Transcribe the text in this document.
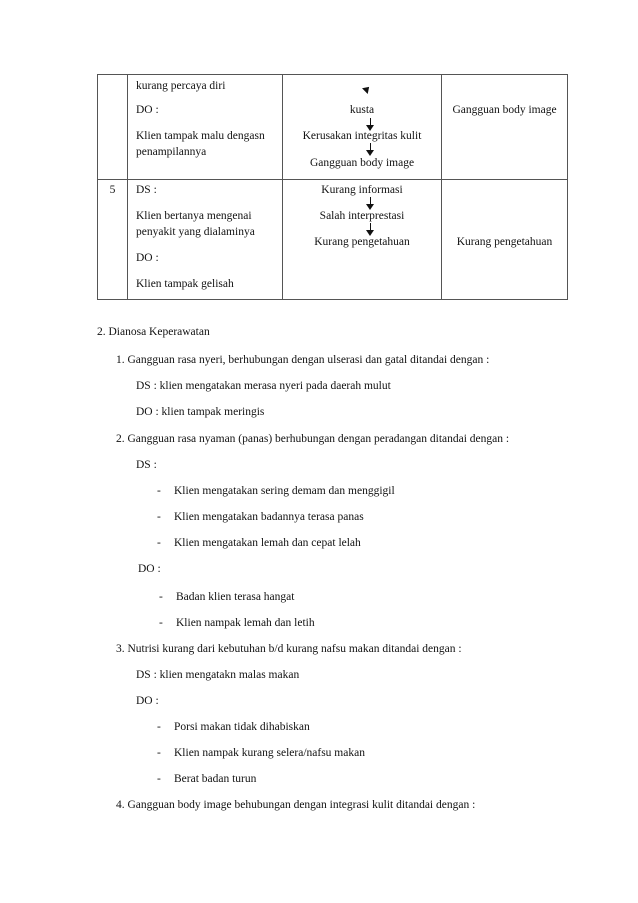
kurang percaya diri
DO :
Klien tampak malu dengasn
penampilannya
kusta
Kerusakan integritas kulit
Gangguan body image
Gangguan body image
5	DS :
Klien bertanya mengenai
penyakit yang dialaminya
DO :
Klien tampak gelisah
Kurang informasi
Salah interprestasi
Kurang pengetahuan	Kurang pengetahuan
2. Dianosa Keperawatan
1. Gangguan rasa nyeri, berhubungan dengan ulserasi dan gatal ditandai dengan :
DS : klien mengatakan merasa nyeri pada daerah mulut
DO : klien tampak meringis
2. Gangguan rasa nyaman (panas) berhubungan dengan peradangan ditandai dengan :
DS :
- Klien mengatakan sering demam dan menggigil
- Klien mengatakan badannya terasa panas
- Klien mengatakan lemah dan cepat lelah
DO :
- Badan klien terasa hangat
- Klien nampak lemah dan letih
3. Nutrisi kurang dari kebutuhan b/d kurang nafsu makan ditandai dengan :
DS : klien mengatakn malas makan
DO :
- Porsi makan tidak dihabiskan
- Klien nampak kurang selera/nafsu makan
- Berat badan turun
4. Gangguan body image behubungan dengan integrasi kulit ditandai dengan :
